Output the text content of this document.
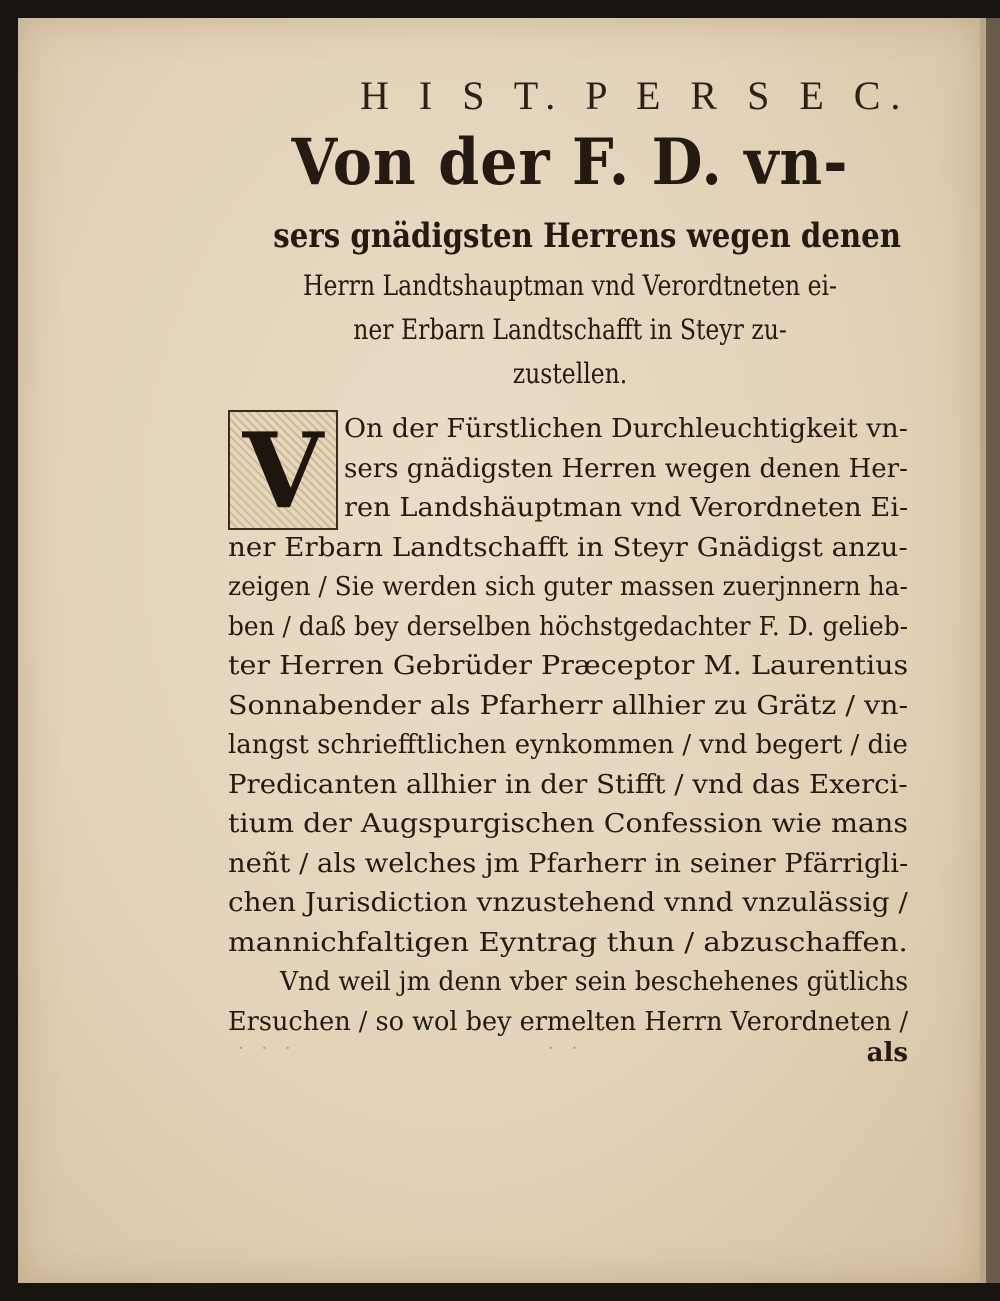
H I S T. P E R S E C.
Von der F. D. vn-
sers gnädigsten Herrens wegen denen
Herrn Landtshauptman vnd Verordtneten ei-
ner Erbarn Landtschafft in Steyr zu-
zustellen.
V On der Fürstlichen Durchleuchtigkeit vn-
sers gnädigsten Herren wegen denen Her-
ren Landshäuptman vnd Verordneten Ei-
ner Erbarn Landtschafft in Steyr Gnädigst anzu-
zeigen / Sie werden sich guter massen zuerjnnern ha-
ben / daß bey derselben höchstgedachter F. D. gelieb-
ter Herren Gebrüder Præceptor M. Laurentius
Sonnabender als Pfarherr allhier zu Grätz / vn-
langst schriefftlichen eynkommen / vnd begert / die
Predicanten allhier in der Stifft / vnd das Exerci-
tium der Augspurgischen Confession wie mans
neñt / als welches jm Pfarherr in seiner Pfärrigli-
chen Jurisdiction vnzustehend vnnd vnzulässig /
mannichfaltigen Eyntrag thun / abzuschaffen.
Vnd weil jm denn vber sein beschehenes gütlichs
Ersuchen / so wol bey ermelten Herrn Verordneten /
· · ·	· ·	als
